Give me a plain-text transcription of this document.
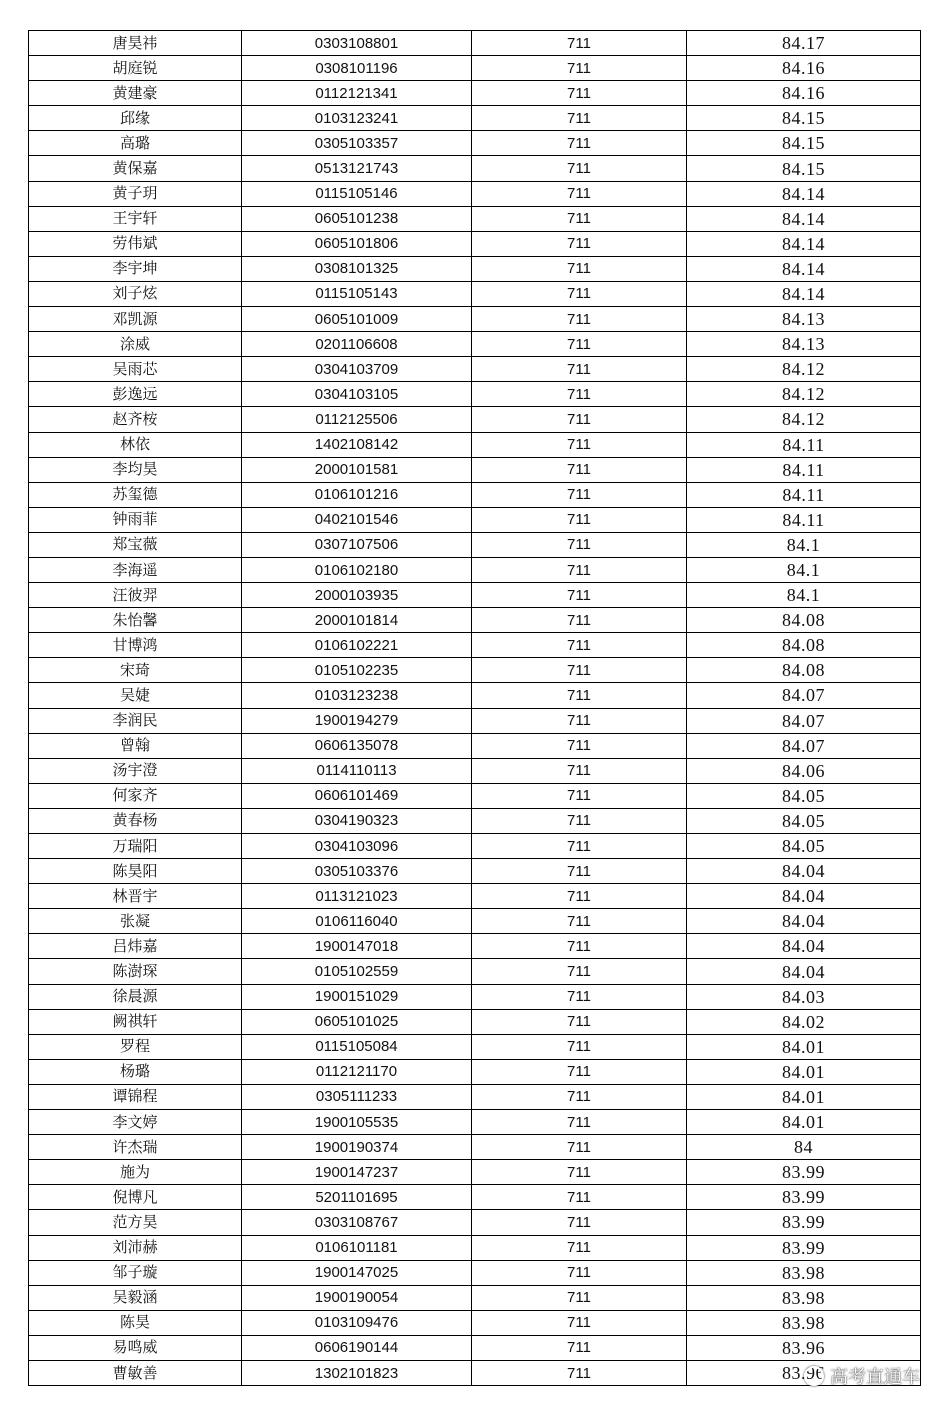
唐昊祎	0303108801	711	84.17
胡庭锐	0308101196	711	84.16
黄建豪	0112121341	711	84.16
邱缘	0103123241	711	84.15
高璐	0305103357	711	84.15
黄保嘉	0513121743	711	84.15
黄子玥	0115105146	711	84.14
王宇轩	0605101238	711	84.14
劳伟斌	0605101806	711	84.14
李宇坤	0308101325	711	84.14
刘子炫	0115105143	711	84.14
邓凯源	0605101009	711	84.13
涂威	0201106608	711	84.13
吴雨芯	0304103709	711	84.12
彭逸远	0304103105	711	84.12
赵齐桉	0112125506	711	84.12
林依	1402108142	711	84.11
李均昊	2000101581	711	84.11
苏玺德	0106101216	711	84.11
钟雨菲	0402101546	711	84.11
郑宝薇	0307107506	711	84.1
李海遥	0106102180	711	84.1
汪彼羿	2000103935	711	84.1
朱怡馨	2000101814	711	84.08
甘博鸿	0106102221	711	84.08
宋琦	0105102235	711	84.08
吴婕	0103123238	711	84.07
李润民	1900194279	711	84.07
曾翰	0606135078	711	84.07
汤宇澄	0114110113	711	84.06
何家齐	0606101469	711	84.05
黄春杨	0304190323	711	84.05
万瑞阳	0304103096	711	84.05
陈昊阳	0305103376	711	84.04
林晋宇	0113121023	711	84.04
张凝	0106116040	711	84.04
吕炜嘉	1900147018	711	84.04
陈澍琛	0105102559	711	84.04
徐晨源	1900151029	711	84.03
阙祺轩	0605101025	711	84.02
罗程	0115105084	711	84.01
杨璐	0112121170	711	84.01
谭锦程	0305111233	711	84.01
李文婷	1900105535	711	84.01
许杰瑞	1900190374	711	84
施为	1900147237	711	83.99
倪博凡	5201101695	711	83.99
范方昊	0303108767	711	83.99
刘沛赫	0106101181	711	83.99
邹子璇	1900147025	711	83.98
吴毅涵	1900190054	711	83.98
陈昊	0103109476	711	83.98
易鸣威	0606190144	711	83.96
曹敏善	1302101823	711	83.96 高考直通车
